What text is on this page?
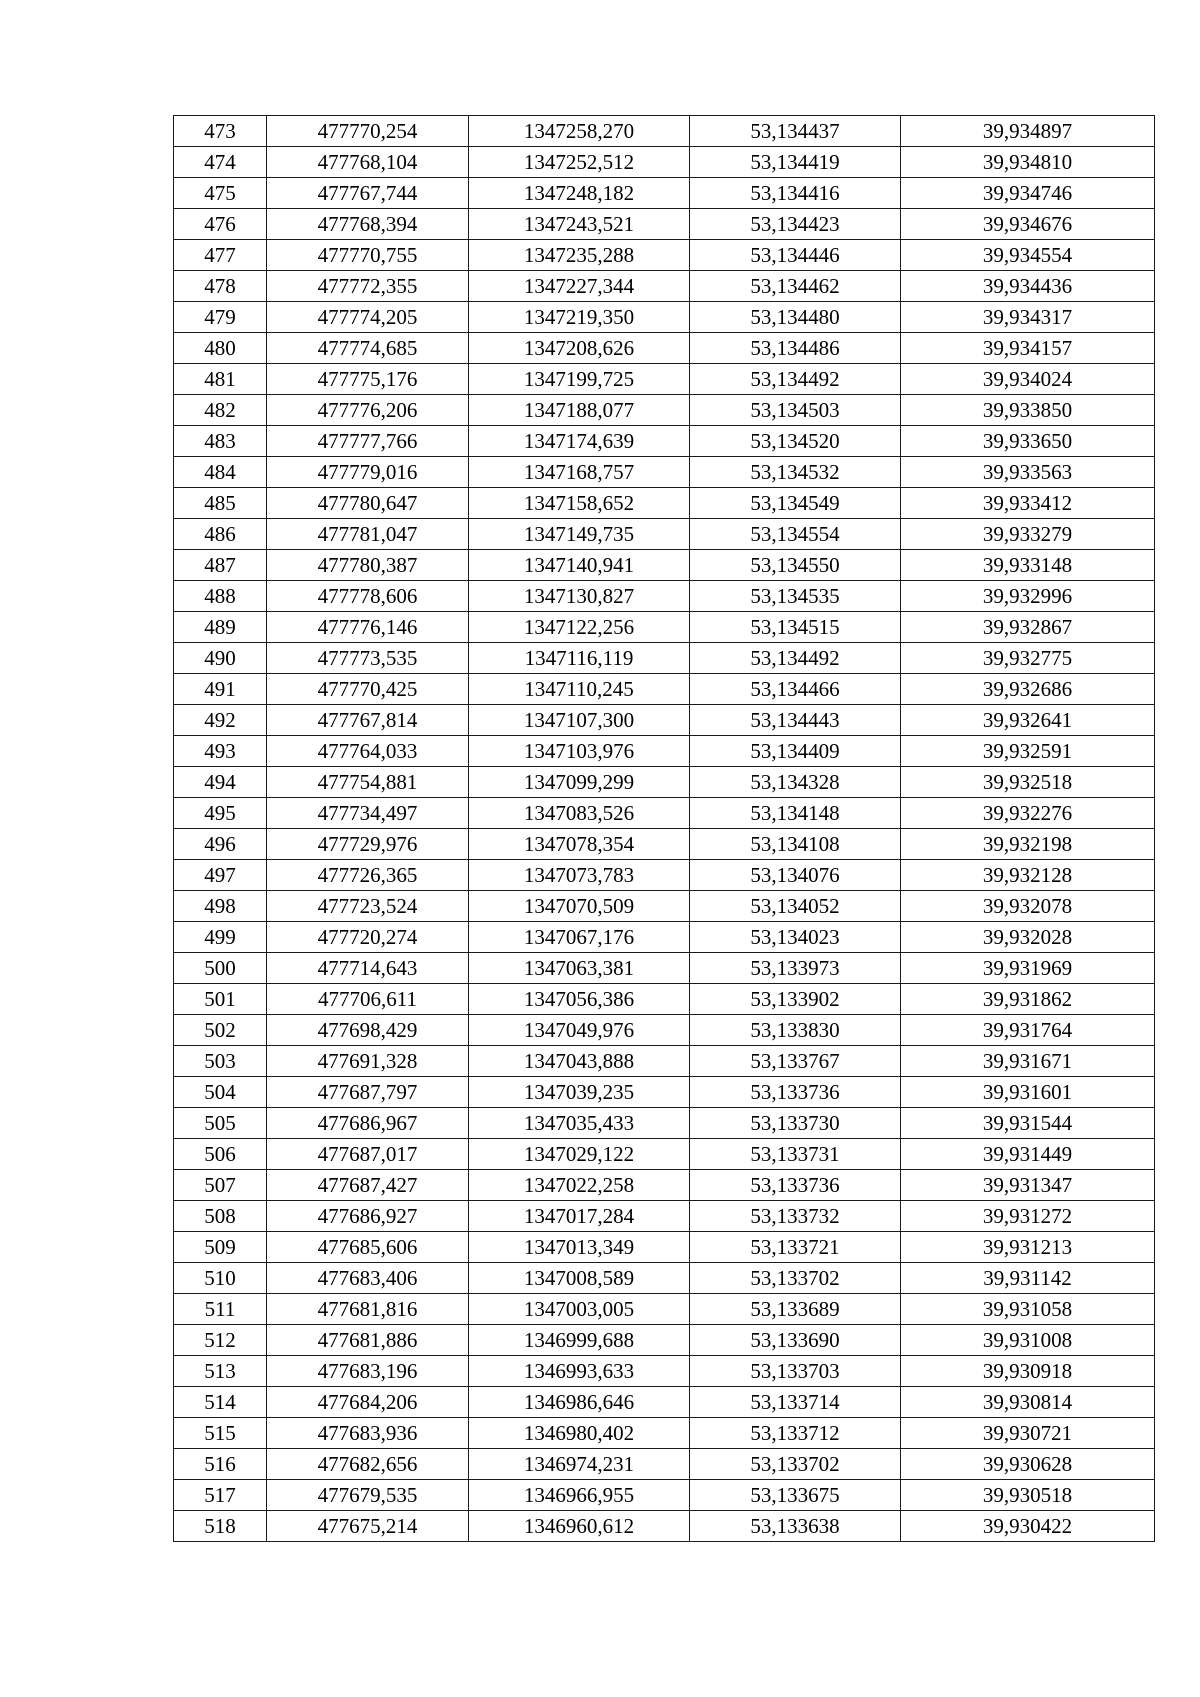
473	477770,254	1347258,270	53,134437	39,934897
474	477768,104	1347252,512	53,134419	39,934810
475	477767,744	1347248,182	53,134416	39,934746
476	477768,394	1347243,521	53,134423	39,934676
477	477770,755	1347235,288	53,134446	39,934554
478	477772,355	1347227,344	53,134462	39,934436
479	477774,205	1347219,350	53,134480	39,934317
480	477774,685	1347208,626	53,134486	39,934157
481	477775,176	1347199,725	53,134492	39,934024
482	477776,206	1347188,077	53,134503	39,933850
483	477777,766	1347174,639	53,134520	39,933650
484	477779,016	1347168,757	53,134532	39,933563
485	477780,647	1347158,652	53,134549	39,933412
486	477781,047	1347149,735	53,134554	39,933279
487	477780,387	1347140,941	53,134550	39,933148
488	477778,606	1347130,827	53,134535	39,932996
489	477776,146	1347122,256	53,134515	39,932867
490	477773,535	1347116,119	53,134492	39,932775
491	477770,425	1347110,245	53,134466	39,932686
492	477767,814	1347107,300	53,134443	39,932641
493	477764,033	1347103,976	53,134409	39,932591
494	477754,881	1347099,299	53,134328	39,932518
495	477734,497	1347083,526	53,134148	39,932276
496	477729,976	1347078,354	53,134108	39,932198
497	477726,365	1347073,783	53,134076	39,932128
498	477723,524	1347070,509	53,134052	39,932078
499	477720,274	1347067,176	53,134023	39,932028
500	477714,643	1347063,381	53,133973	39,931969
501	477706,611	1347056,386	53,133902	39,931862
502	477698,429	1347049,976	53,133830	39,931764
503	477691,328	1347043,888	53,133767	39,931671
504	477687,797	1347039,235	53,133736	39,931601
505	477686,967	1347035,433	53,133730	39,931544
506	477687,017	1347029,122	53,133731	39,931449
507	477687,427	1347022,258	53,133736	39,931347
508	477686,927	1347017,284	53,133732	39,931272
509	477685,606	1347013,349	53,133721	39,931213
510	477683,406	1347008,589	53,133702	39,931142
511	477681,816	1347003,005	53,133689	39,931058
512	477681,886	1346999,688	53,133690	39,931008
513	477683,196	1346993,633	53,133703	39,930918
514	477684,206	1346986,646	53,133714	39,930814
515	477683,936	1346980,402	53,133712	39,930721
516	477682,656	1346974,231	53,133702	39,930628
517	477679,535	1346966,955	53,133675	39,930518
518	477675,214	1346960,612	53,133638	39,930422
